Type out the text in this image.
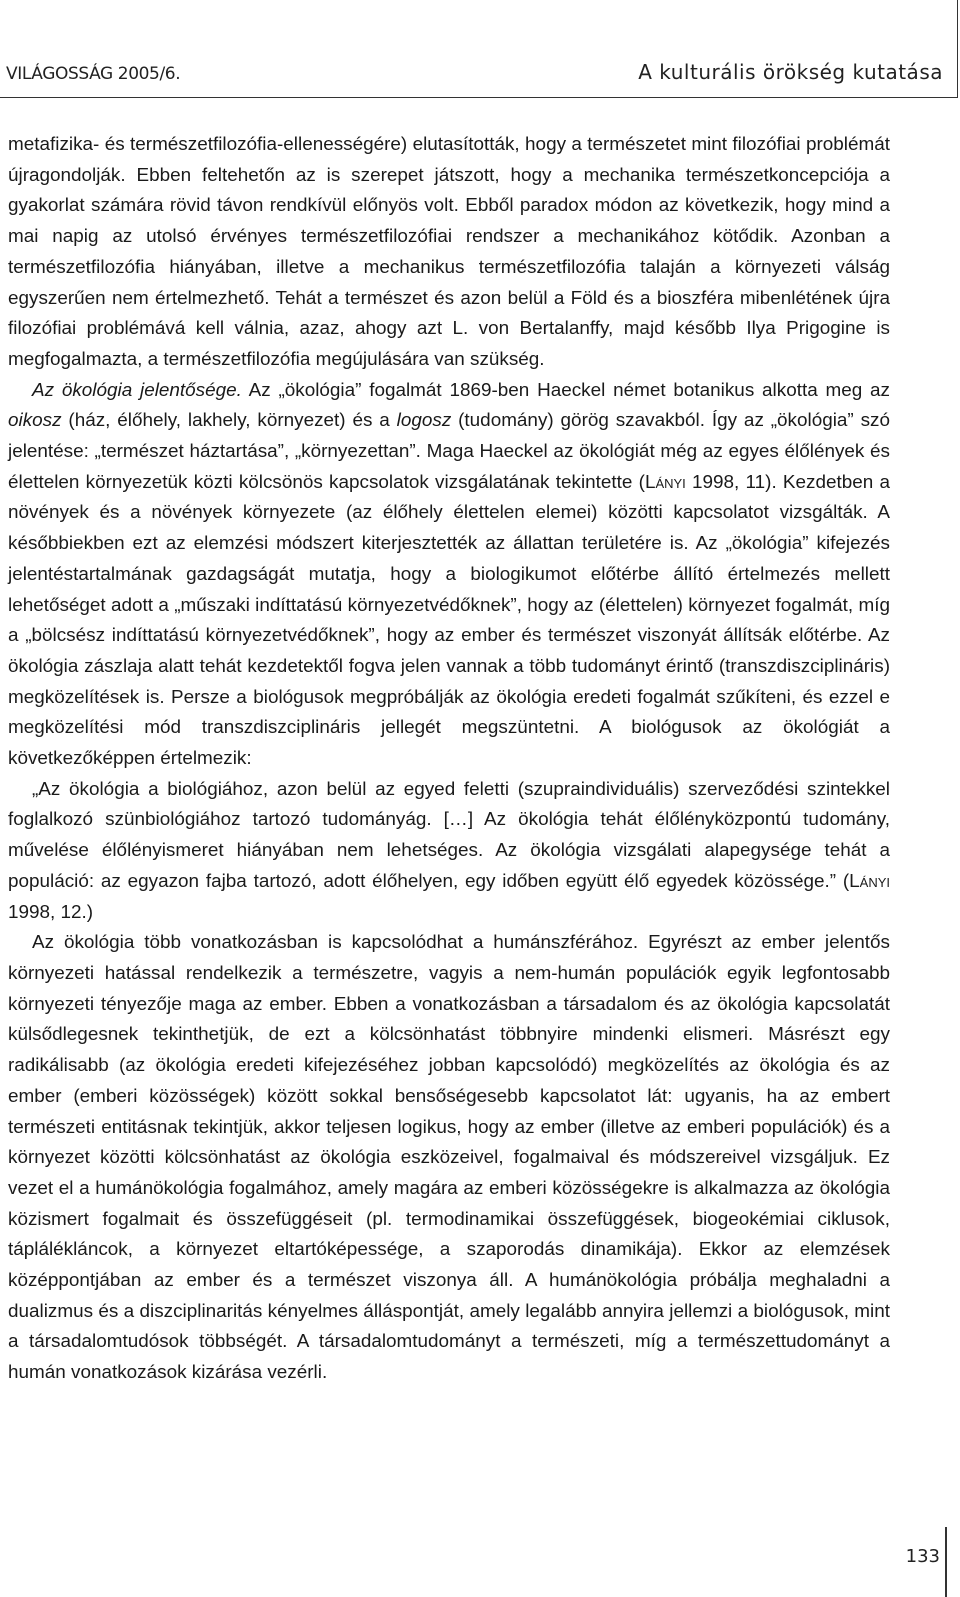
VILÁGOSSÁG 2005/6.	A kulturális örökség kutatása

metafizika- és természetfilozófia-ellenességére) elutasították, hogy a természetet mint filozófiai problémát újragondolják. Ebben feltehetőn az is szerepet játszott, hogy a mechanika természetkoncepciója a gyakorlat számára rövid távon rendkívül előnyös volt. Ebből paradox módon az következik, hogy mind a mai napig az utolsó érvényes természetfilozófiai rendszer a mechanikához kötődik. Azonban a természetfilozófia hiányában, illetve a mechanikus természetfilozófia talaján a környezeti válság egyszerűen nem értelmezhető. Tehát a természet és azon belül a Föld és a bioszféra mibenlétének újra filozófiai problémává kell válnia, azaz, ahogy azt L. von Bertalanffy, majd később Ilya Prigogine is megfogalmazta, a természetfilozófia megújulására van szükség.

Az ökológia jelentősége. Az „ökológia” fogalmát 1869-ben Haeckel német botanikus alkotta meg az oikosz (ház, élőhely, lakhely, környezet) és a logosz (tudomány) görög szavakból. Így az „ökológia” szó jelentése: „természet háztartása”, „környezettan”. Maga Haeckel az ökológiát még az egyes élőlények és élettelen környezetük közti kölcsönös kapcsolatok vizsgálatának tekintette (Lányi 1998, 11). Kezdetben a növények és a növények környezete (az élőhely élettelen elemei) közötti kapcsolatot vizsgálták. A későbbiekben ezt az elemzési módszert kiterjesztették az állattan területére is. Az „ökológia” kifejezés jelentéstartalmának gazdagságát mutatja, hogy a biologikumot előtérbe állító értelmezés mellett lehetőséget adott a „műszaki indíttatású környezetvédőknek”, hogy az (élettelen) környezet fogalmát, míg a „bölcsész indíttatású környezetvédőknek”, hogy az ember és természet viszonyát állítsák előtérbe. Az ökológia zászlaja alatt tehát kezdetektől fogva jelen vannak a több tudományt érintő (transzdiszciplináris) megközelítések is. Persze a biológusok megpróbálják az ökológia eredeti fogalmát szűkíteni, és ezzel e megközelítési mód transzdiszciplináris jellegét megszüntetni. A biológusok az ökológiát a következőképpen értelmezik:

„Az ökológia a biológiához, azon belül az egyed feletti (szupraindividuális) szerveződési szintekkel foglalkozó szünbiológiához tartozó tudományág. […] Az ökológia tehát élőlényközpontú tudomány, művelése élőlényismeret hiányában nem lehetséges. Az ökológia vizsgálati alapegysége tehát a populáció: az egyazon fajba tartozó, adott élőhelyen, egy időben együtt élő egyedek közössége.” (Lányi 1998, 12.)

Az ökológia több vonatkozásban is kapcsolódhat a humánszférához. Egyrészt az ember jelentős környezeti hatással rendelkezik a természetre, vagyis a nem-humán populációk egyik legfontosabb környezeti tényezője maga az ember. Ebben a vonatkozásban a társadalom és az ökológia kapcsolatát külsődlegesnek tekinthetjük, de ezt a kölcsönhatást többnyire mindenki elismeri. Másrészt egy radikálisabb (az ökológia eredeti kifejezéséhez jobban kapcsolódó) megközelítés az ökológia és az ember (emberi közösségek) között sokkal bensőségesebb kapcsolatot lát: ugyanis, ha az embert természeti entitásnak tekintjük, akkor teljesen logikus, hogy az ember (illetve az emberi populációk) és a környezet közötti kölcsönhatást az ökológia eszközeivel, fogalmaival és módszereivel vizsgáljuk. Ez vezet el a humánökológia fogalmához, amely magára az emberi közösségekre is alkalmazza az ökológia közismert fogalmait és összefüggéseit (pl. termodinamikai összefüggések, biogeokémiai ciklusok, táplálékláncok, a környezet eltartóképessége, a szaporodás dinamikája). Ekkor az elemzések középpontjában az ember és a természet viszonya áll. A humánökológia próbálja meghaladni a dualizmus és a diszciplinaritás kényelmes álláspontját, amely legalább annyira jellemzi a biológusok, mint a társadalomtudósok többségét. A társadalomtudományt a természeti, míg a természettudományt a humán vonatkozások kizárása vezérli.

133
